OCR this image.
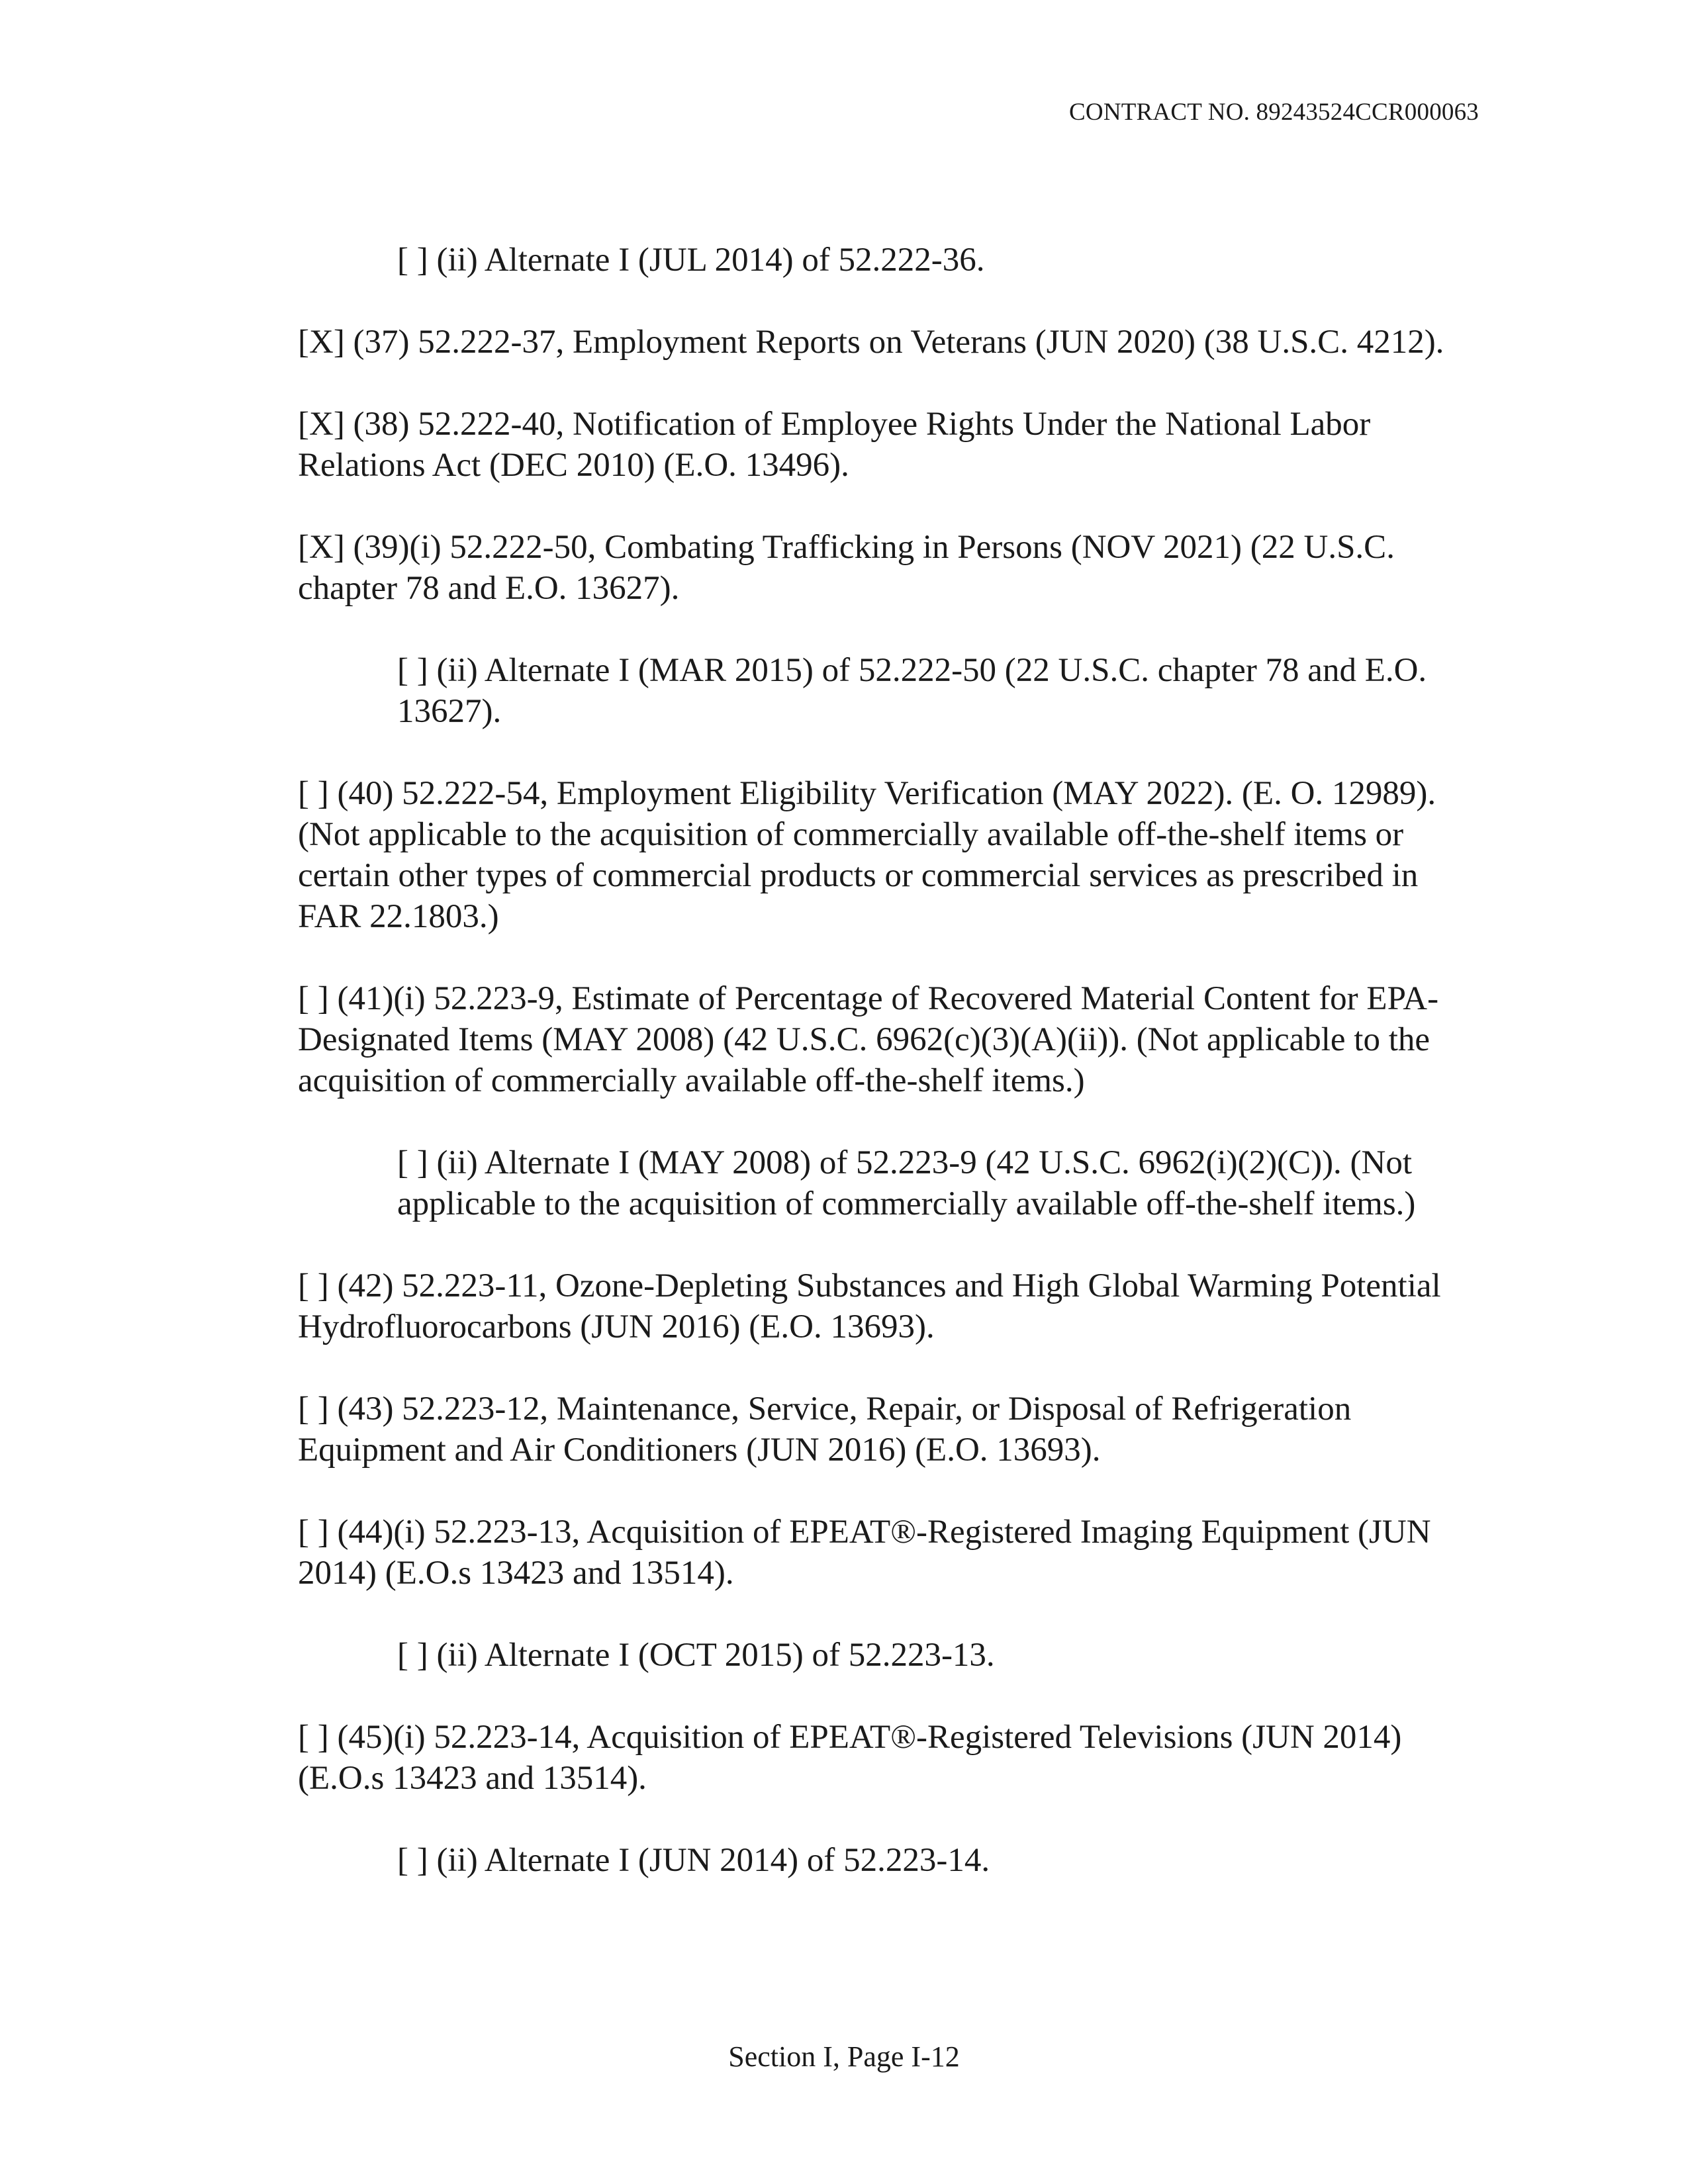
CONTRACT NO. 89243524CCR000063

[ ] (ii) Alternate I (JUL 2014) of 52.222-36.

[X] (37) 52.222-37, Employment Reports on Veterans (JUN 2020) (38 U.S.C. 4212).

[X] (38) 52.222-40, Notification of Employee Rights Under the National Labor Relations Act (DEC 2010) (E.O. 13496).

[X] (39)(i) 52.222-50, Combating Trafficking in Persons (NOV 2021) (22 U.S.C. chapter 78 and E.O. 13627).

[ ] (ii) Alternate I (MAR 2015) of 52.222-50 (22 U.S.C. chapter 78 and E.O. 13627).

[ ] (40) 52.222-54, Employment Eligibility Verification (MAY 2022). (E. O. 12989). (Not applicable to the acquisition of commercially available off-the-shelf items or certain other types of commercial products or commercial services as prescribed in FAR 22.1803.)

[ ] (41)(i) 52.223-9, Estimate of Percentage of Recovered Material Content for EPA-Designated Items (MAY 2008) (42 U.S.C. 6962(c)(3)(A)(ii)). (Not applicable to the acquisition of commercially available off-the-shelf items.)

[ ] (ii) Alternate I (MAY 2008) of 52.223-9 (42 U.S.C. 6962(i)(2)(C)). (Not applicable to the acquisition of commercially available off-the-shelf items.)

[ ] (42) 52.223-11, Ozone-Depleting Substances and High Global Warming Potential Hydrofluorocarbons (JUN 2016) (E.O. 13693).

[ ] (43) 52.223-12, Maintenance, Service, Repair, or Disposal of Refrigeration Equipment and Air Conditioners (JUN 2016) (E.O. 13693).

[ ] (44)(i) 52.223-13, Acquisition of EPEAT®-Registered Imaging Equipment (JUN 2014) (E.O.s 13423 and 13514).

[ ] (ii) Alternate I (OCT 2015) of 52.223-13.

[ ] (45)(i) 52.223-14, Acquisition of EPEAT®-Registered Televisions (JUN 2014) (E.O.s 13423 and 13514).

[ ] (ii) Alternate I (JUN 2014) of 52.223-14.

Section I, Page I-12
